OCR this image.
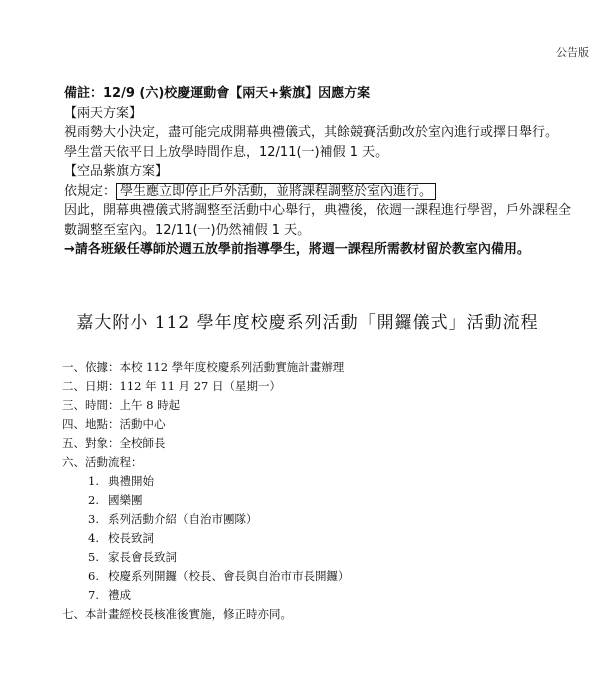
公告版
備註：12/9 (六)校慶運動會【兩天+紫旗】因應方案
【兩天方案】
視雨勢大小決定，盡可能完成開幕典禮儀式，其餘競賽活動改於室內進行或擇日舉行。
學生當天依平日上放學時間作息，12/11(一)補假 1 天。
【空品紫旗方案】
依規定： 學生應立即停止戶外活動，並將課程調整於室內進行。
因此，開幕典禮儀式將調整至活動中心舉行，典禮後，依週一課程進行學習，戶外課程全
數調整至室內。12/11(一)仍然補假 1 天。
→請各班級任導師於週五放學前指導學生，將週一課程所需教材留於教室內備用。
嘉大附小 112 學年度校慶系列活動「開鑼儀式」活動流程
一、依據：本校 112 學年度校慶系列活動實施計畫辦理
二、日期：112 年 11 月 27 日（星期一）
三、時間：上午 8 時起
四、地點：活動中心
五、對象：全校師長
六、活動流程：
1. 典禮開始
2. 國樂團
3. 系列活動介紹（自治市團隊）
4. 校長致詞
5. 家長會長致詞
6. 校慶系列開鑼（校長、會長與自治市市長開鑼）
7. 禮成
七、本計畫經校長核准後實施，修正時亦同。
